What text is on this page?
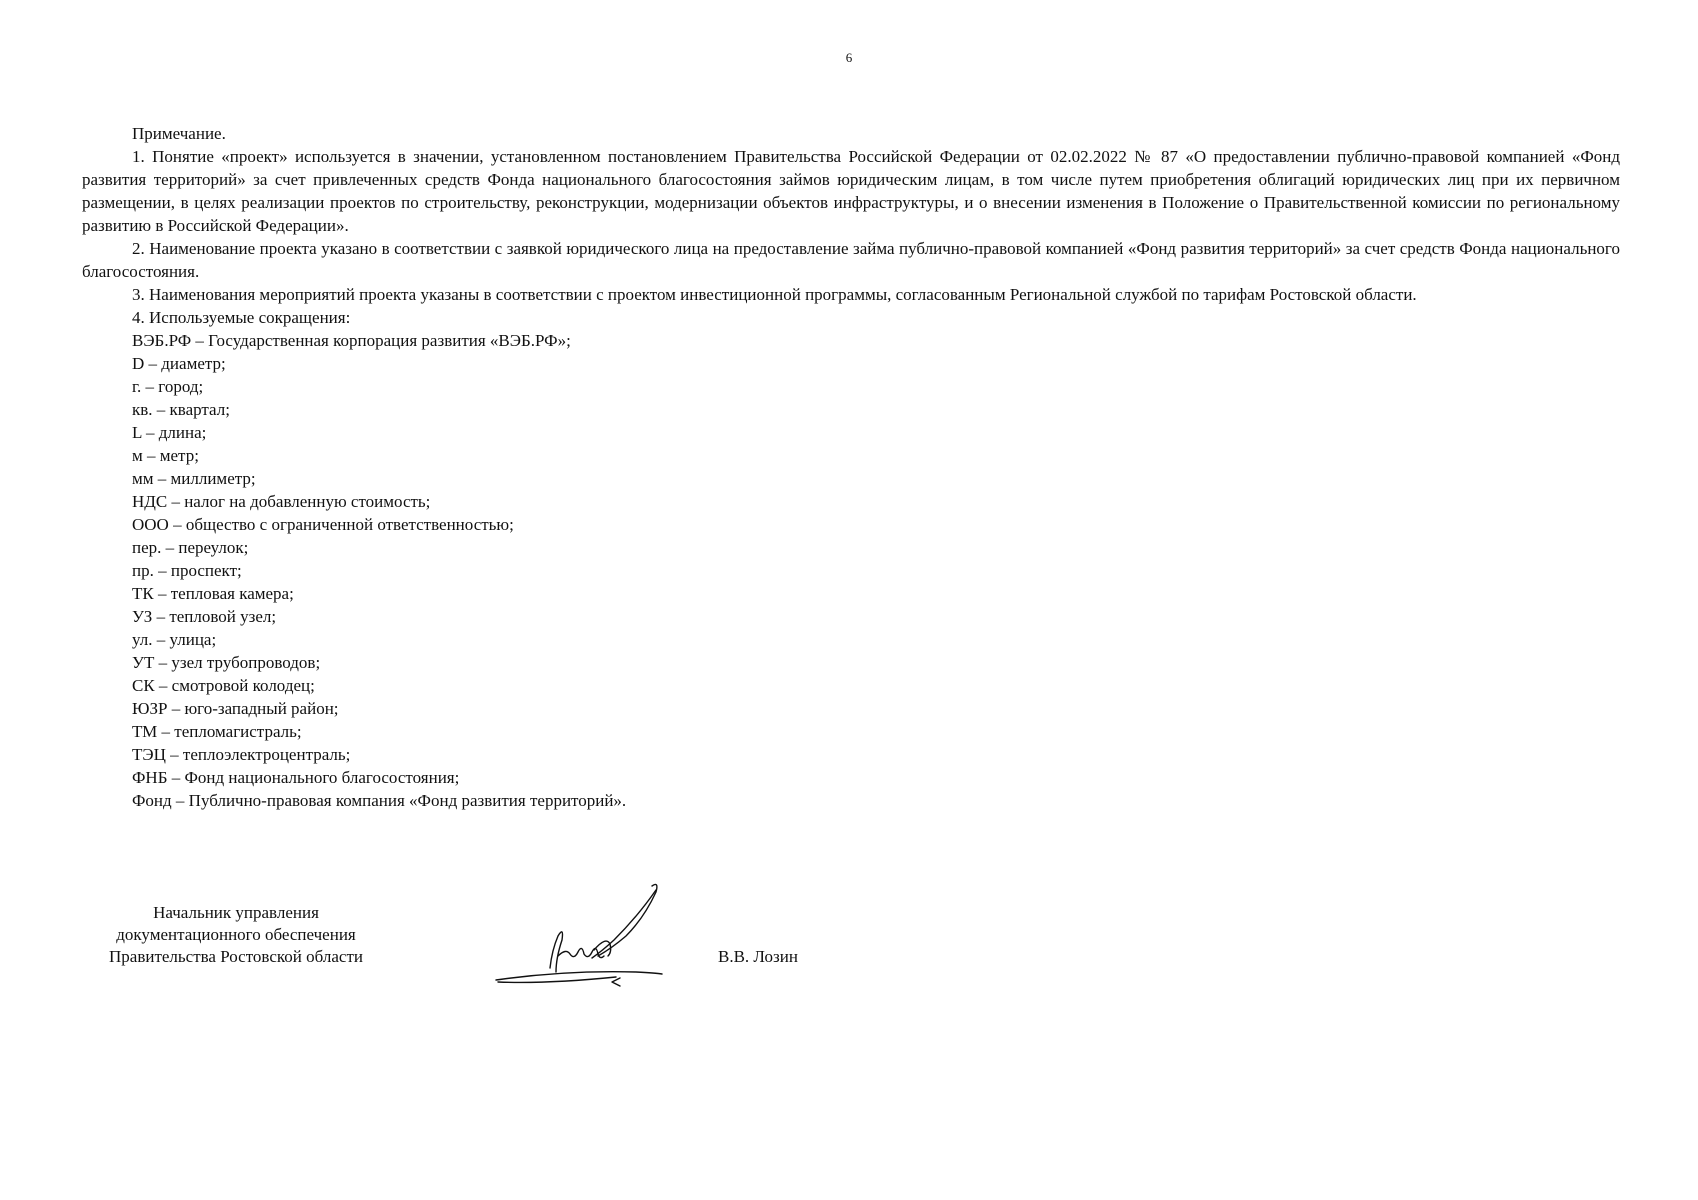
6

Примечание.

1. Понятие «проект» используется в значении, установленном постановлением Правительства Российской Федерации от 02.02.2022 № 87 «О предоставлении публично-правовой компанией «Фонд развития территорий» за счет привлеченных средств Фонда национального благосостояния займов юридическим лицам, в том числе путем приобретения облигаций юридических лиц при их первичном размещении, в целях реализации проектов по строительству, реконструкции, модернизации объектов инфраструктуры, и о внесении изменения в Положение о Правительственной комиссии по региональному развитию в Российской Федерации».

2. Наименование проекта указано в соответствии с заявкой юридического лица на предоставление займа публично-правовой компанией «Фонд развития территорий» за счет средств Фонда национального благосостояния.

3. Наименования мероприятий проекта указаны в соответствии с проектом инвестиционной программы, согласованным Региональной службой по тарифам Ростовской области.

4. Используемые сокращения:

ВЭБ.РФ – Государственная корпорация развития «ВЭБ.РФ»;
D – диаметр;
г. – город;
кв. – квартал;
L – длина;
м – метр;
мм – миллиметр;
НДС – налог на добавленную стоимость;
ООО – общество с ограниченной ответственностью;
пер. – переулок;
пр. – проспект;
ТК – тепловая камера;
УЗ – тепловой узел;
ул. – улица;
УТ – узел трубопроводов;
СК – смотровой колодец;
ЮЗР – юго-западный район;
ТМ – тепломагистраль;
ТЭЦ – теплоэлектроцентраль;
ФНБ – Фонд национального благосостояния;
Фонд – Публично-правовая компания «Фонд развития территорий».
Начальник управления
документационного обеспечения
Правительства Ростовской области	В.В. Лозин
